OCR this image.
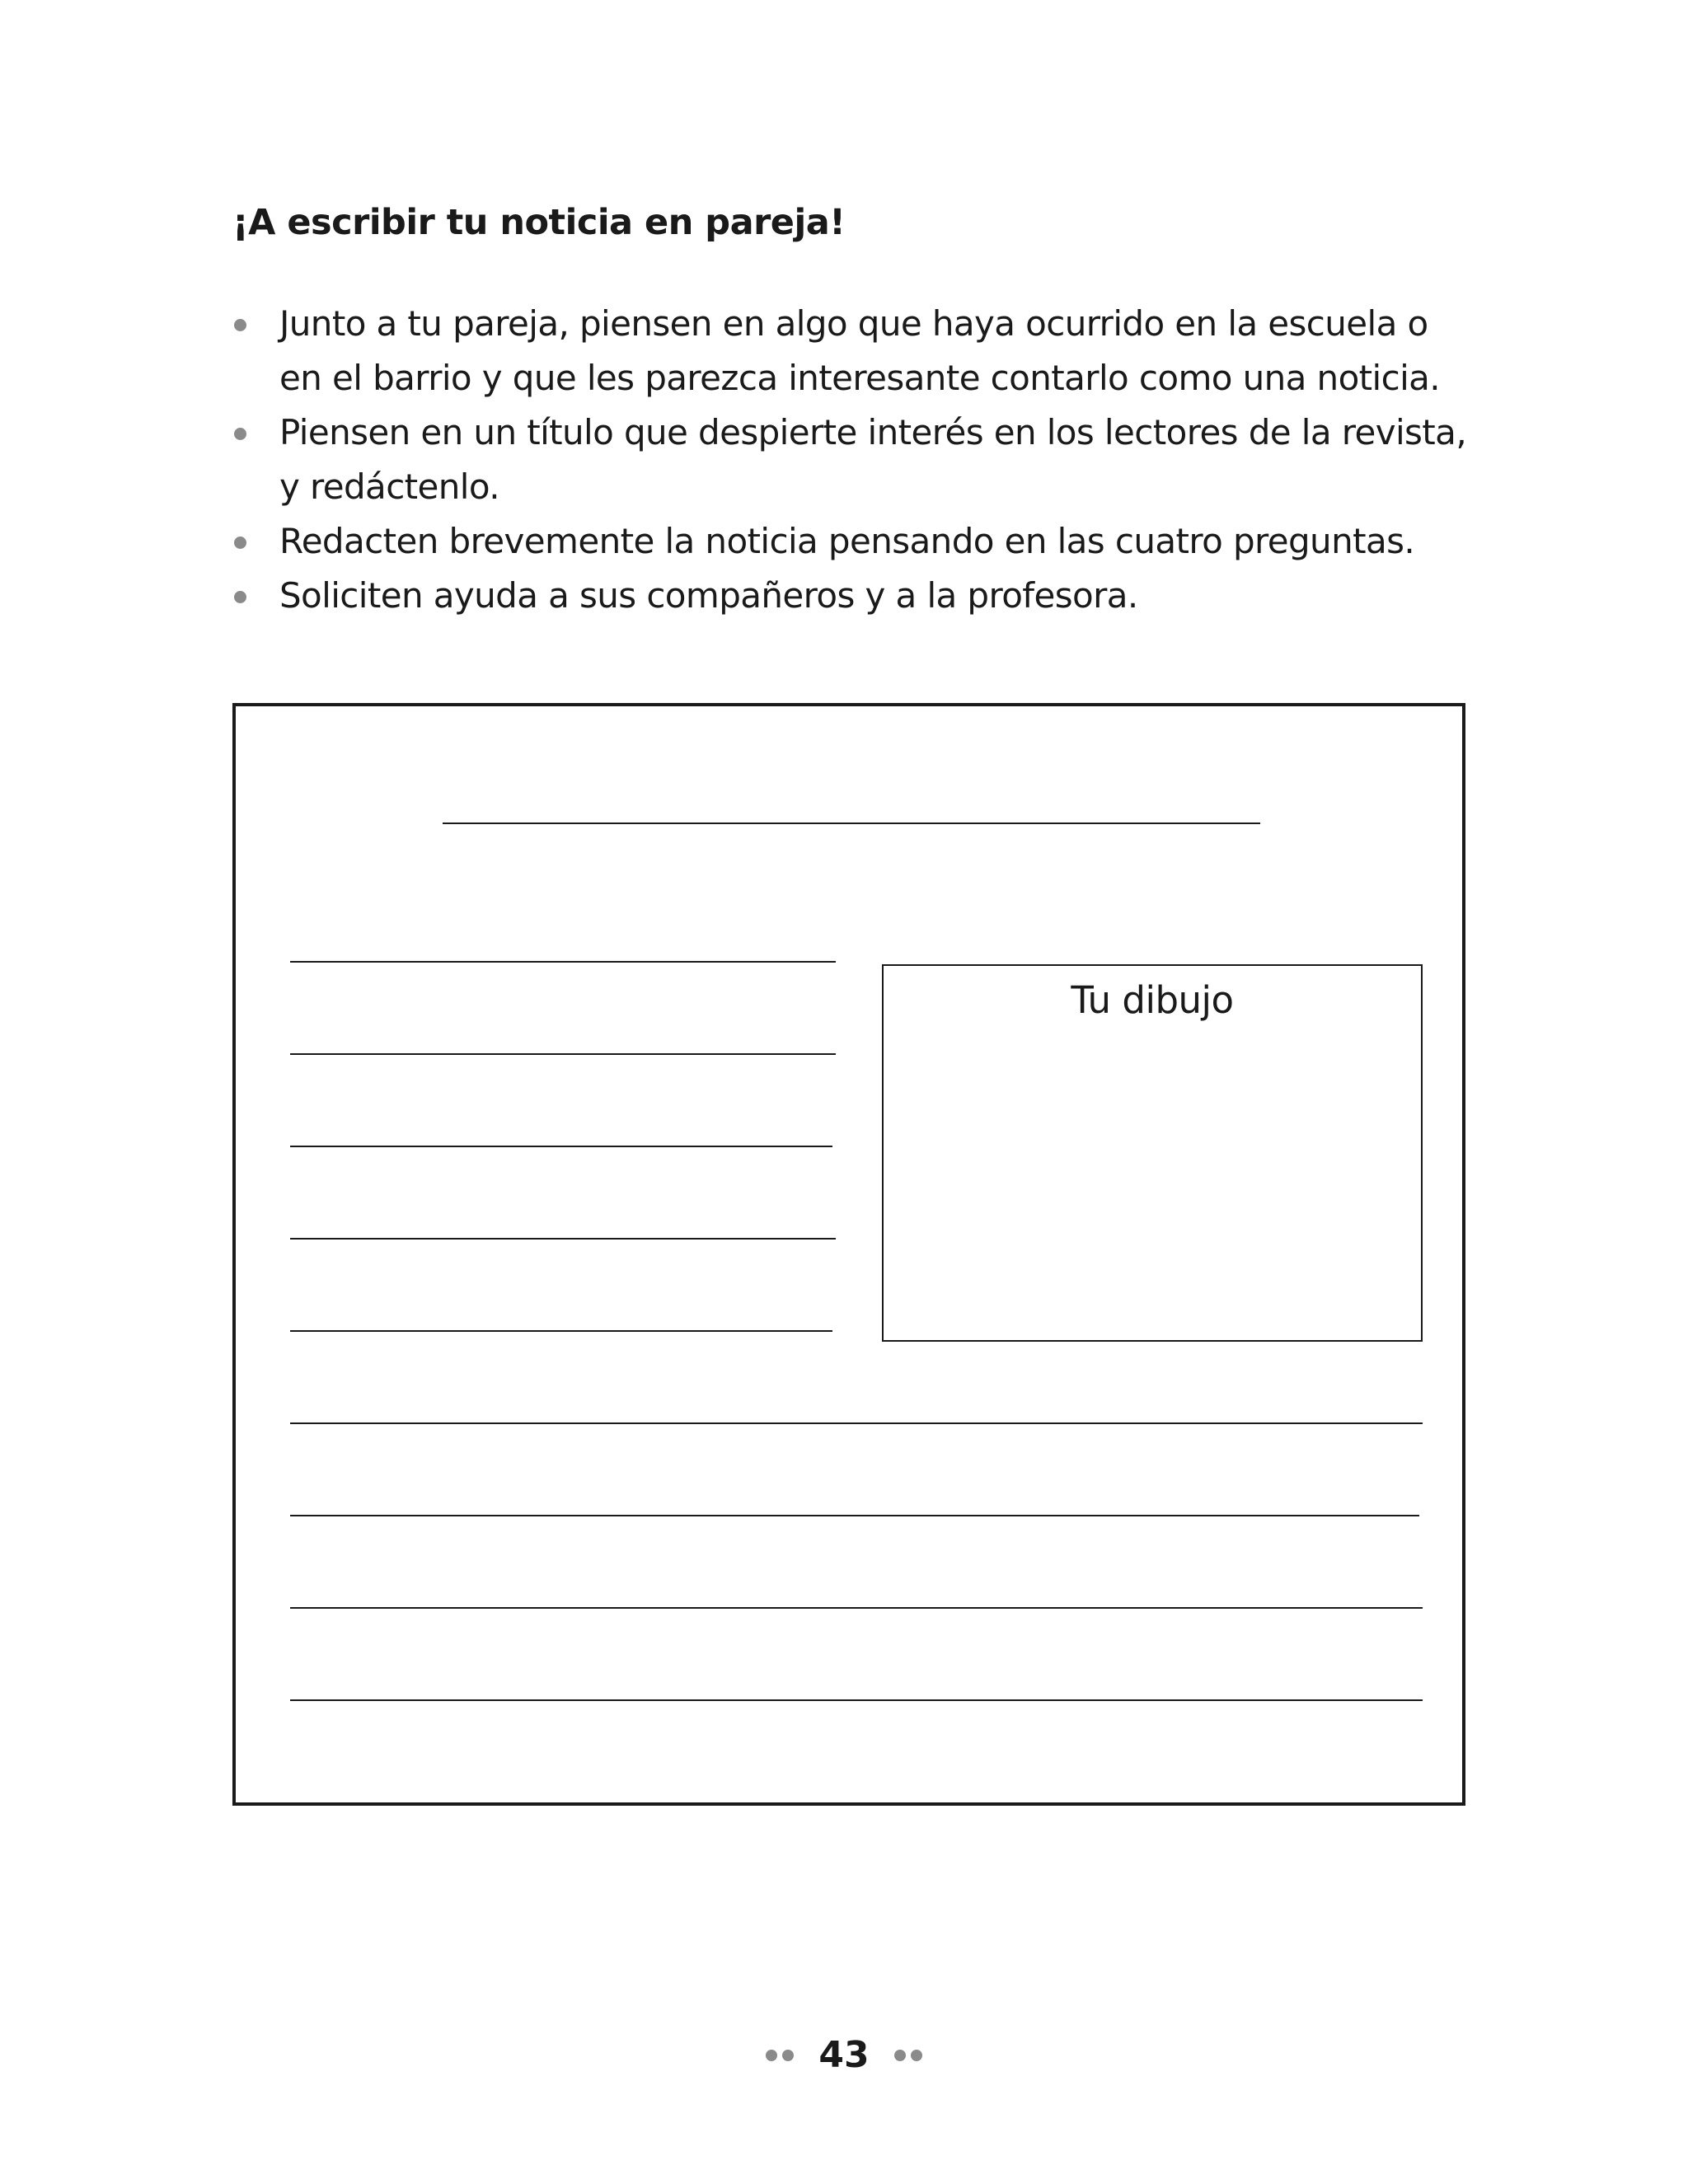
¡A escribir tu noticia en pareja!
Junto a tu pareja, piensen en algo que haya ocurrido en la escuela o
en el barrio y que les parezca interesante contarlo como una noticia.
Piensen en un título que despierte interés en los lectores de la revista,
y redáctenlo.
Redacten brevemente la noticia pensando en las cuatro preguntas.
Soliciten ayuda a sus compañeros y a la profesora.
Tu dibujo
43
